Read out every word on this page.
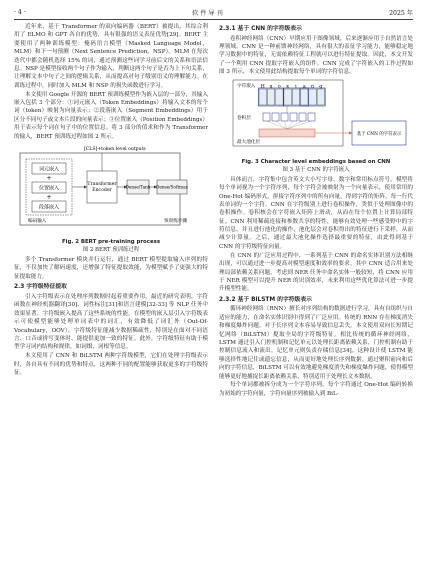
· 4 ·	软 件 导 刊	2025 年

近年来，基于 Transformer 的双向编码器（BERT）被提出，其综合利用了 ELMO 和 GPT 各自的优势，具有很强的语义表征优势[29]。BERT 主要使用了两种训练模型：掩码语言模型（Masked Language Model，MLM）和下一句预测（Next Sentence Prediction，NSP）。MLM 在每次迭代中都会随机选择 15% 的词，通过预测这些词学习前后文的关系和语法信息。NSP 是模型接收两个句子作为输入，判断这两个句子是否为上下句关系，让理解文本中句子之间的逻辑关系，从而提高对句子级别语义的理解能力。在训练过程中，同时加入 MLM 和 NSP 的损失函数进行学习。

本文使用 Google 开源的 BERT 预训练模型作为嵌入层的一部分，其输入嵌入包括 3 个部分：①词元嵌入（Token Embeddings）将输入文本的每个词（token）映射为向量表示；②段落嵌入（Segment Embeddings）用于区分不同句子或文本片段的向量表示；③位置嵌入（Position Embeddings）用于表示每个词在句子中的位置信息。将 3 部分的值求和作为 Transformer 的输入，BERT 预训练过程如图 2 所示。

[CLS]+token level outputs
词元嵌入
+
位置嵌入
+
段落嵌入
编码输入
Transformer
Encoder
Dense/Tanh Dense/Softmax
预训练步骤
Fig. 2 BERT pre-training process
图 2 BERT 预训练过程

多个 Transformer 模块并行运行，通过 BERT 模型提取输入序列的特征，不仅加快了解码速度，还增强了特征提取效能，为模型赋予了更强大的特征提取能力。

2.3 字符级特征提取

引入字符级表示在处理序列数据时起着重要作用，最近的研究表明，字符函数在神经机器翻译[30]、词性标注[31]和语言建模[32-33] 等 NLP 任务中效果显著。字符级嵌入提高了这些系统的性能。在模型的嵌入层引入字符级表示可使模型能够处理单词表中的词汇，有效降低了词汇外（Out-Of-Vocabulary，OOV）。字符级特征能减少数据稀疏性，特别是在面对不同语言、口音或拼写变体时，能提供更加一致的特征。此外，字符级特征有助于模型学习词内结构和规律，如词缀、词根等信息。

本文使用了 CNN 和 BiLSTM 两种字符级模型，它们在处理字符级表示时，各自具有不同的优势和特点，这两种不同的配置能够获取更多的字符级特征。

2.3.1 基于 CNN 的字符级表示

卷积神经网络（CNN）早期应用于图像领域，后来逐渐应用于自然语言处理领域。CNN 是一种前馈神经网络，具有很大的表征学习能力，能够稳定地学习数据中的特征，无需依赖特征工程就可以进行特征提取。因此，本文开发了一个利用 CNN 提取字符嵌入的组件。CNN 完成了字符嵌入的工作过程如图 3 所示，本文使用此结构提取每个单词的字符信息。

字符嵌入 H u o x i a n g
卷积层
最大池化层
基于 CNN 的字符表示
Fig. 3 Character level embeddings based on CNN
图 3 基于 CNN 的字符嵌入

具体而言，字符集中包含英文大小写字母、数字和常用标点符号。模型将每个单词视为一个字符序列，每个字符会被映射为一个向量表示，使用常用的 One-Hot 编码形式。拼接字符序列中的所有向量，得到字符的矩阵，每一行代表单词的一个字符。CNN 在字符级别上进行卷积操作，类似于处理图像中的卷积操作。卷积核会在字符嵌入矩阵上滑动，从而在每个位置上计算局部特征。CNN 利用稀疏连接和参数共享的特性，能够有效处理一些感受野中的字符信息，并且进行池化的操作，池化层会对卷积得出的特征进行下采样，从而减少计算量。之后，通过最大池化操作选择最重要的特征，由此得到基于 CNN 的字符级特征向量。

在 CNN 的广泛应用过程中，一系列基于 CNN 的命名实体识别方法相继出现，可以通过进一步提高对模型速度和效率的要求。其中 CNN 适合用来处理局部依赖关系问题，考虑到 NER 任务中命名实体一般较短，将 CNN 应用于 NER 模型可以提升 NER 的识别效率，未来利用这些优化算法可进一步提升模型性能。

2.3.2 基于 BiLSTM 的字符级表示

循环神经网络（RNN）擅长对序列结构的数据进行学习，具有自组织与自适应的能力，在命名实体识别中得到了广泛应用。传统的 RNN 存在梯度消失和梯度爆炸问题，对于长序列文本容易导致信息丢失。本文使用双向长短期记忆网络（BiLSTM）提取全局的字符级特征。相比传统的循环神经网络，LSTM 通过引入门控机制和记忆单元以处理长距离依赖关系，门控机制有助于控制信息流入和流出，记忆单元则负责存储信息[34]。这种设计使 LSTM 能够选择性地记住或遗忘信息，从而更好地处理长序列数据。通过聚积前向和后向的字符信息，BiLSTM 可以有效地避免梯度消失和梯度爆炸问题，使得模型能够更好地捕捉长距离依赖关系，特别适用于处理长文本数据。

每个单词都被拆分成为一个字符序列，每个字符通过 One-Hot 编码转换为初始的字符向量，字符向量序列被输入到 BiL-
